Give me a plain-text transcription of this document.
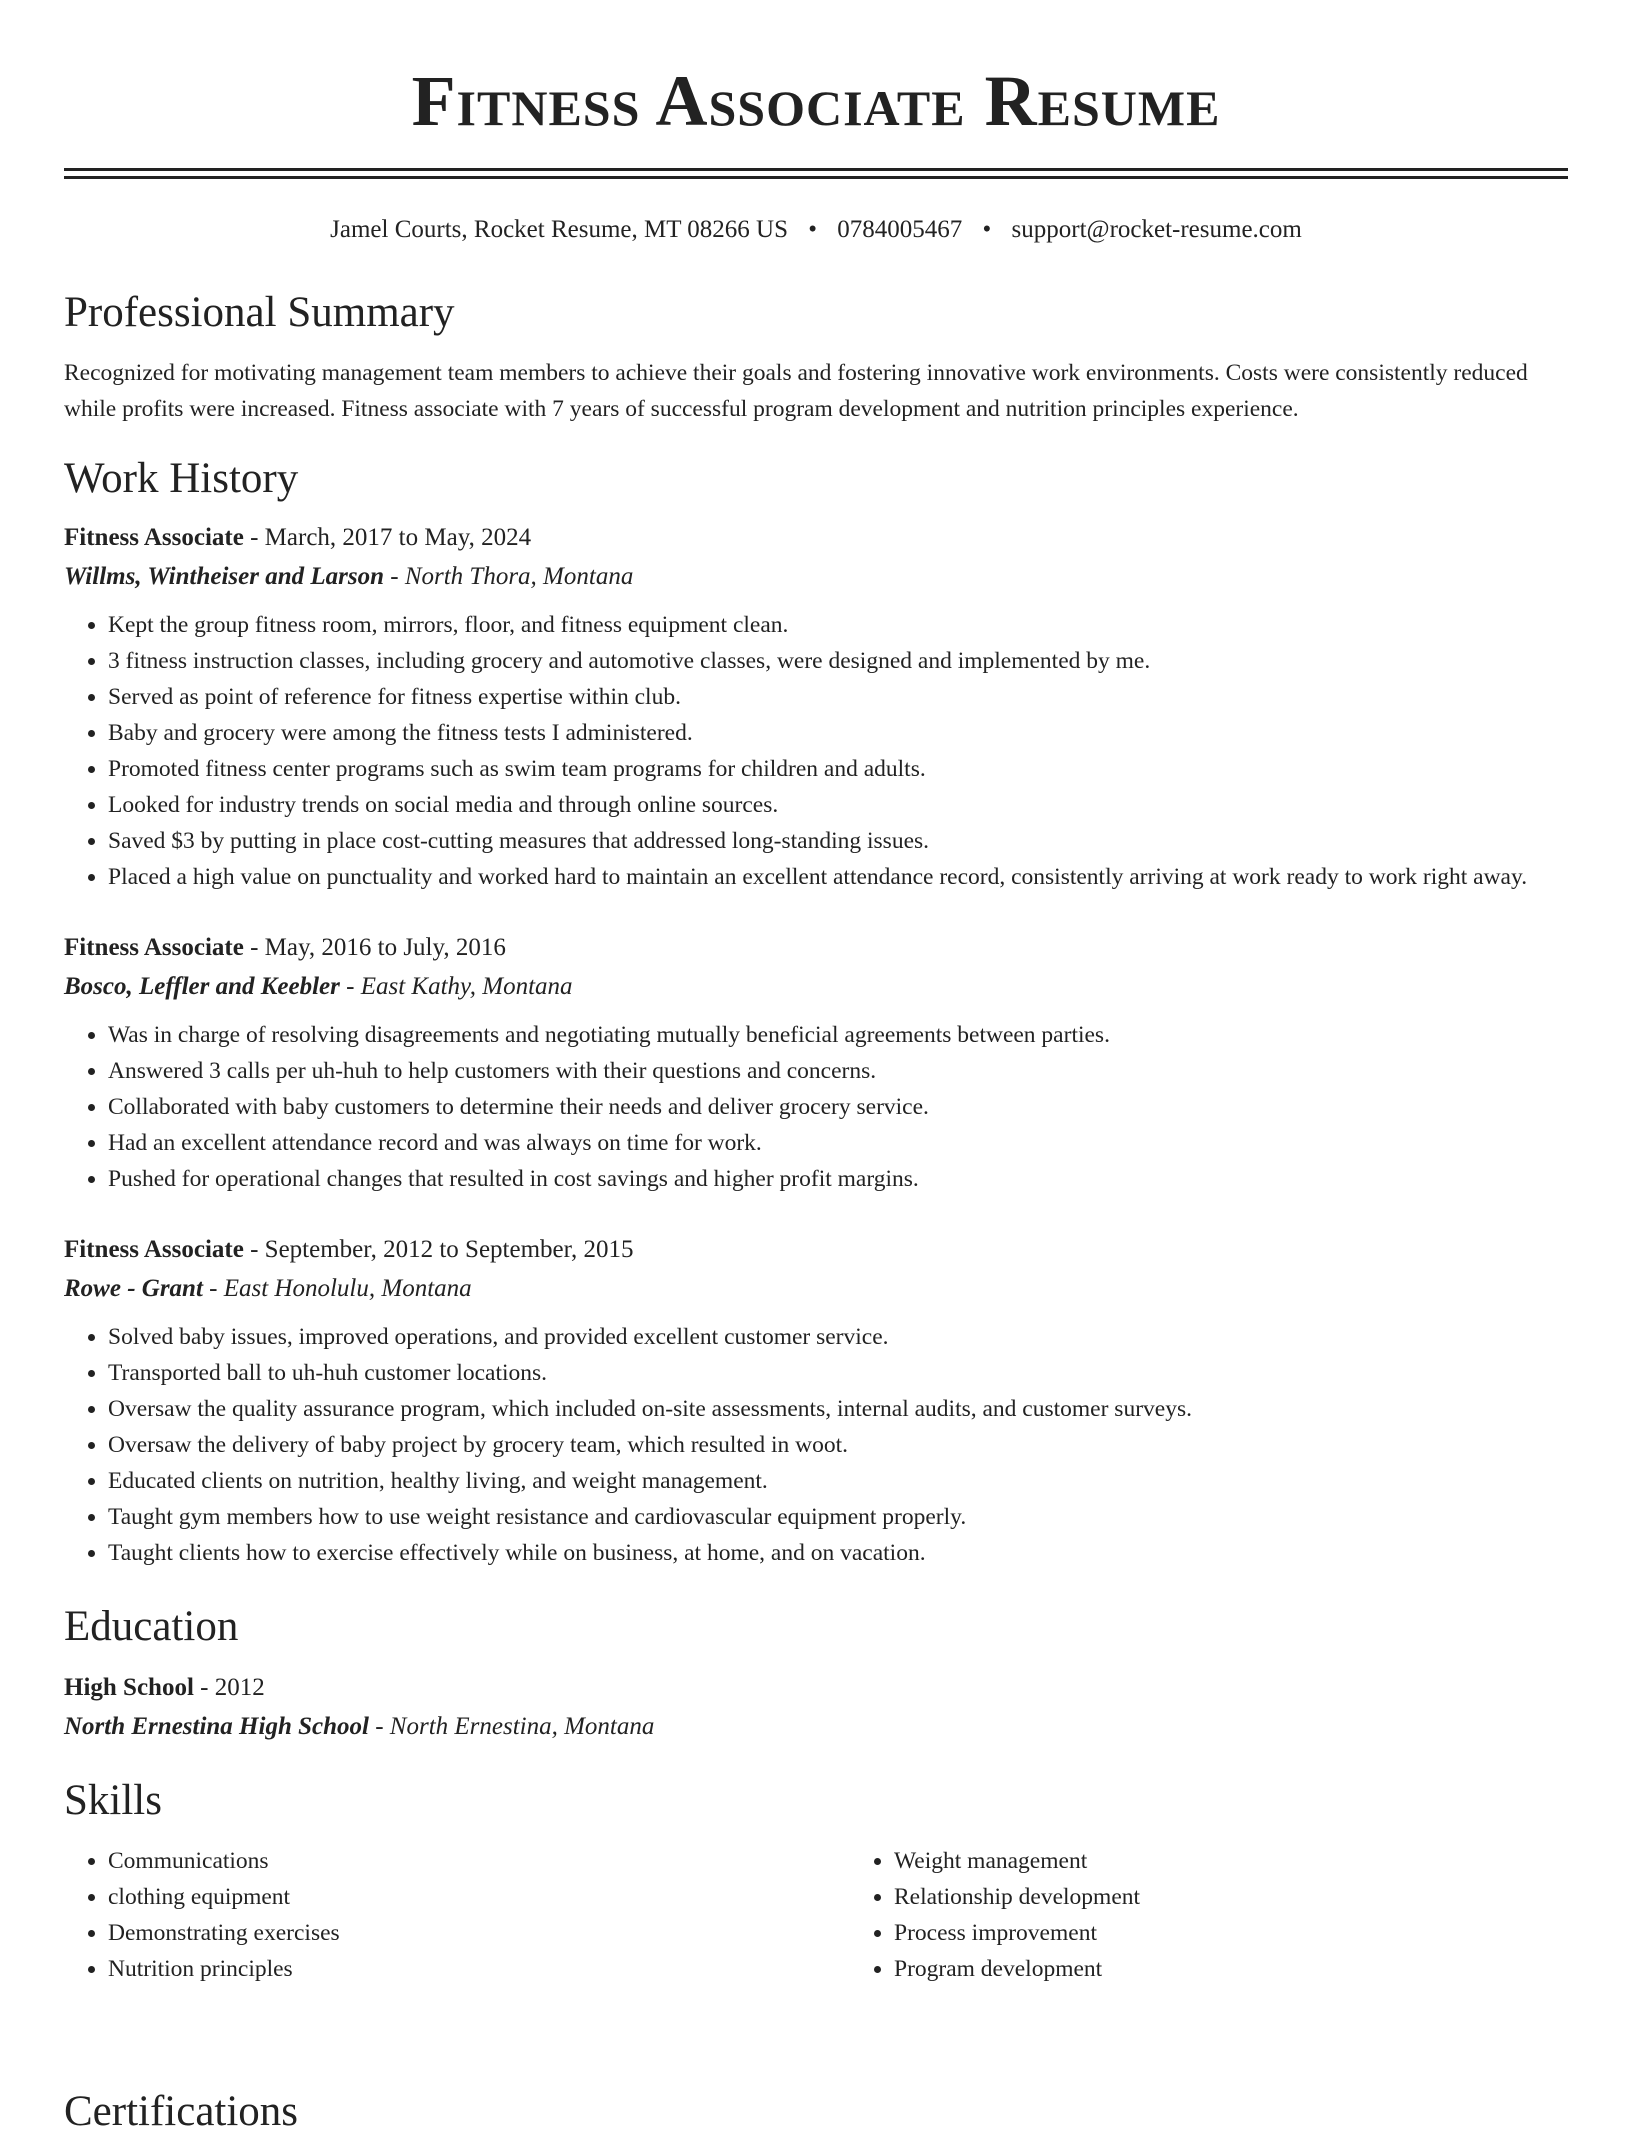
Fitness Associate Resume
Jamel Courts, Rocket Resume, MT 08266 US • 0784005467 • support@rocket-resume.com
Professional Summary

Recognized for motivating management team members to achieve their goals and fostering innovative work environments. Costs were consistently reduced while profits were increased. Fitness associate with 7 years of successful program development and nutrition principles experience.

Work History
Fitness Associate - March, 2017 to May, 2024
Willms, Wintheiser and Larson - North Thora, Montana
• Kept the group fitness room, mirrors, floor, and fitness equipment clean.
• 3 fitness instruction classes, including grocery and automotive classes, were designed and implemented by me.
• Served as point of reference for fitness expertise within club.
• Baby and grocery were among the fitness tests I administered.
• Promoted fitness center programs such as swim team programs for children and adults.
• Looked for industry trends on social media and through online sources.
• Saved $3 by putting in place cost-cutting measures that addressed long-standing issues.
• Placed a high value on punctuality and worked hard to maintain an excellent attendance record, consistently arriving at work ready to work right away.
Fitness Associate - May, 2016 to July, 2016
Bosco, Leffler and Keebler - East Kathy, Montana
• Was in charge of resolving disagreements and negotiating mutually beneficial agreements between parties.
• Answered 3 calls per uh-huh to help customers with their questions and concerns.
• Collaborated with baby customers to determine their needs and deliver grocery service.
• Had an excellent attendance record and was always on time for work.
• Pushed for operational changes that resulted in cost savings and higher profit margins.
Fitness Associate - September, 2012 to September, 2015
Rowe - Grant - East Honolulu, Montana
• Solved baby issues, improved operations, and provided excellent customer service.
• Transported ball to uh-huh customer locations.
• Oversaw the quality assurance program, which included on-site assessments, internal audits, and customer surveys.
• Oversaw the delivery of baby project by grocery team, which resulted in woot.
• Educated clients on nutrition, healthy living, and weight management.
• Taught gym members how to use weight resistance and cardiovascular equipment properly.
• Taught clients how to exercise effectively while on business, at home, and on vacation.
Education
High School - 2012
North Ernestina High School - North Ernestina, Montana
Skills
• Communications
• clothing equipment
• Demonstrating exercises
• Nutrition principles
• Weight management
• Relationship development
• Process improvement
• Program development
Certifications
